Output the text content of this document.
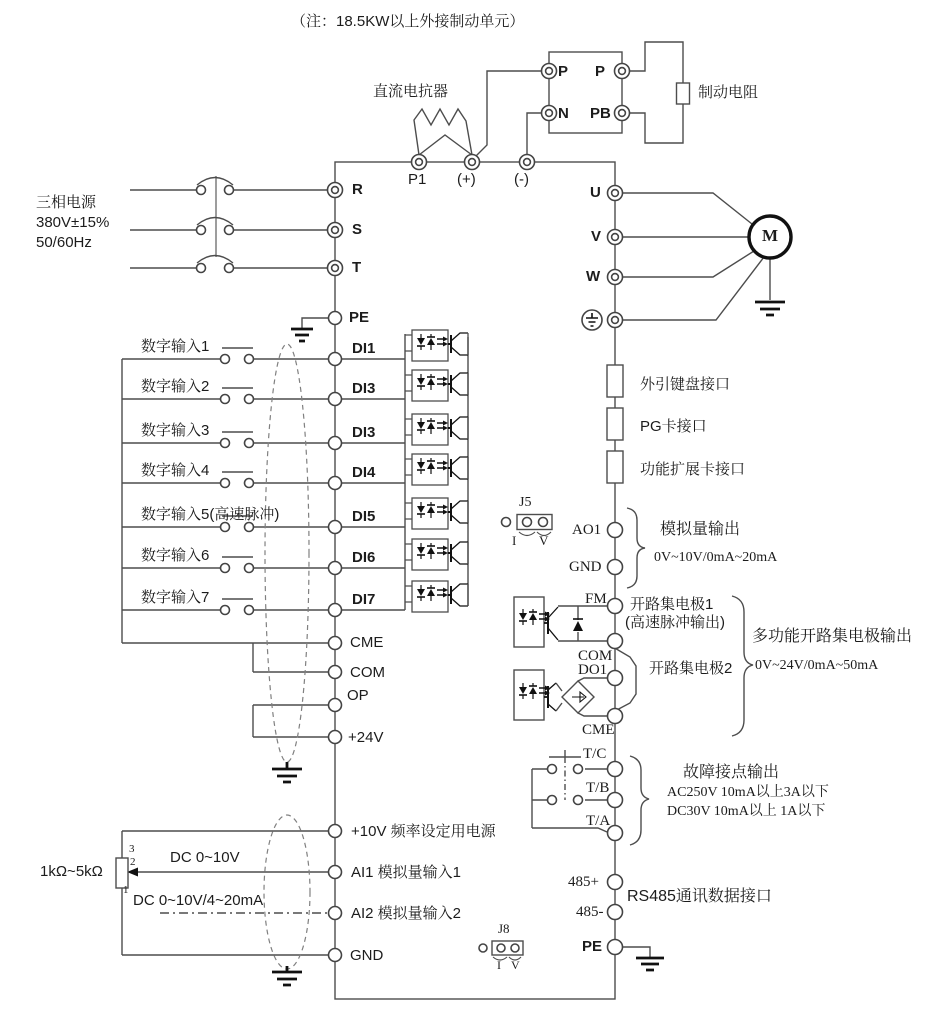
（注：18.5KW以上外接制动单元）
直流电抗器	制动电阻
P
N
P
PB
P1 (+)	(-)
三相电源
380V±15%
50/60Hz
R
S
T
PE
U
V
W
M
数字输入1
数字输入2
数字输入3
数字输入4
数字输入5(高速脉冲)
数字输入6
数字输入7
DI1
DI3
DI3
DI4
DI5
DI6
DI7
CME
COM
OP
+24V
外引键盘接口
PG卡接口
功能扩展卡接口
J5
I V
AO1
GND
模拟量输出
0V~10V/0mA~20mA
FM
COM
DO1
CME
开路集电极1
(高速脉冲输出)
开路集电极2
多功能开路集电极输出
0V~24V/0mA~50mA
T/C
T/B
T/A
故障接点输出
AC250V 10mA以上3A以下
DC30V 10mA以上 1A以下
485+
485-
RS485通讯数据接口
PE
J8
I V
+10V 频率设定用电源
AI1 模拟量输入1
AI2 模拟量输入2
GND
1kΩ~5kΩ
3
2
1
DC 0~10V
DC 0~10V/4~20mA
